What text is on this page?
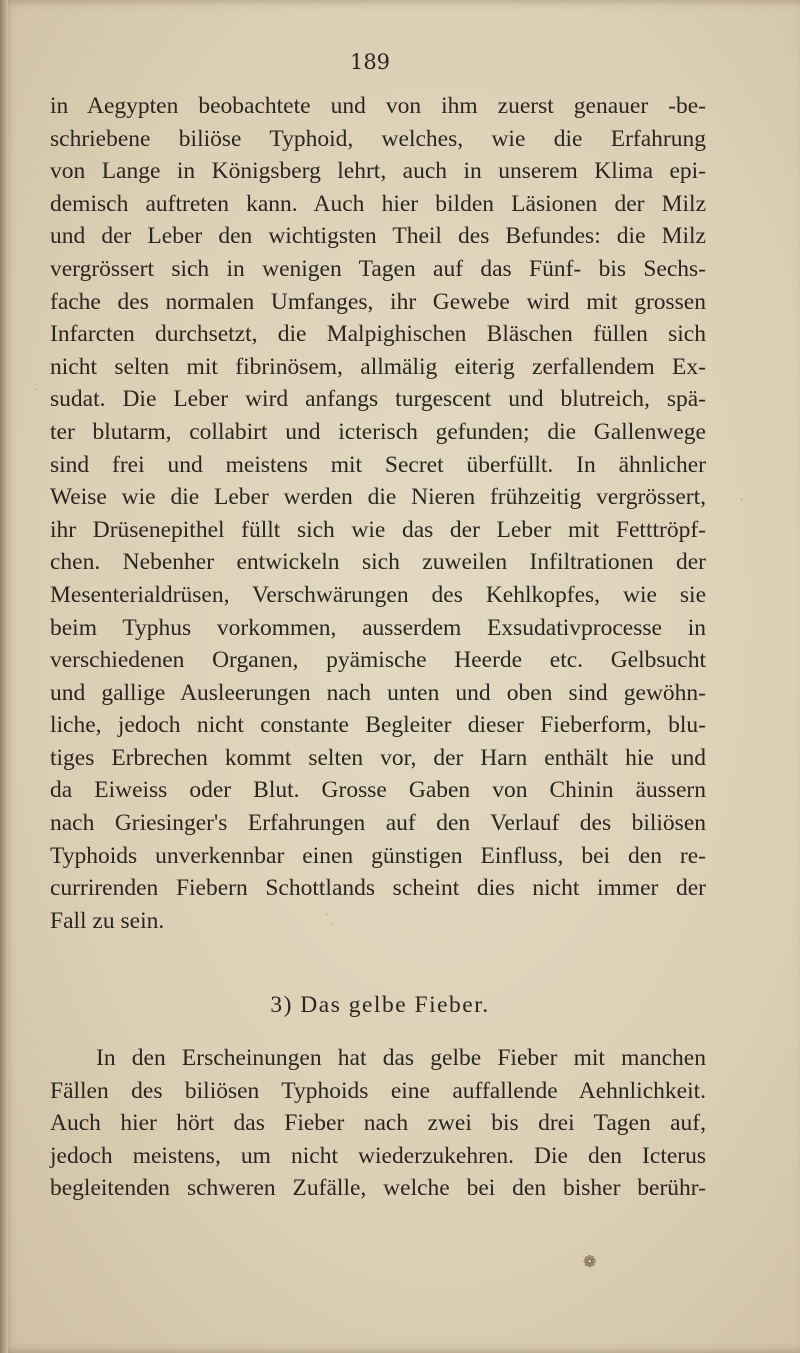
189
in Aegypten beobachtete und von ihm zuerst genauer -be-
schriebene biliöse Typhoid, welches, wie die Erfahrung
von Lange in Königsberg lehrt, auch in unserem Klima epi-
demisch auftreten kann. Auch hier bilden Läsionen der Milz
und der Leber den wichtigsten Theil des Befundes: die Milz
vergrössert sich in wenigen Tagen auf das Fünf- bis Sechs-
fache des normalen Umfanges, ihr Gewebe wird mit grossen
Infarcten durchsetzt, die Malpighischen Bläschen füllen sich
nicht selten mit fibrinösem, allmälig eiterig zerfallendem Ex-
sudat. Die Leber wird anfangs turgescent und blutreich, spä-
ter blutarm, collabirt und icterisch gefunden; die Gallenwege
sind frei und meistens mit Secret überfüllt. In ähnlicher
Weise wie die Leber werden die Nieren frühzeitig vergrössert,
ihr Drüsenepithel füllt sich wie das der Leber mit Fetttröpf-
chen. Nebenher entwickeln sich zuweilen Infiltrationen der
Mesenterialdrüsen, Verschwärungen des Kehlkopfes, wie sie
beim Typhus vorkommen, ausserdem Exsudativprocesse in
verschiedenen Organen, pyämische Heerde etc. Gelbsucht
und gallige Ausleerungen nach unten und oben sind gewöhn-
liche, jedoch nicht constante Begleiter dieser Fieberform, blu-
tiges Erbrechen kommt selten vor, der Harn enthält hie und
da Eiweiss oder Blut. Grosse Gaben von Chinin äussern
nach Griesinger's Erfahrungen auf den Verlauf des biliösen
Typhoids unverkennbar einen günstigen Einfluss, bei den re-
currirenden Fiebern Schottlands scheint dies nicht immer der
Fall zu sein.
3) Das gelbe Fieber.
In den Erscheinungen hat das gelbe Fieber mit manchen
Fällen des biliösen Typhoids eine auffallende Aehnlichkeit.
Auch hier hört das Fieber nach zwei bis drei Tagen auf,
jedoch meistens, um nicht wiederzukehren. Die den Icterus
begleitenden schweren Zufälle, welche bei den bisher berühr-
❁
·
·
·
·
